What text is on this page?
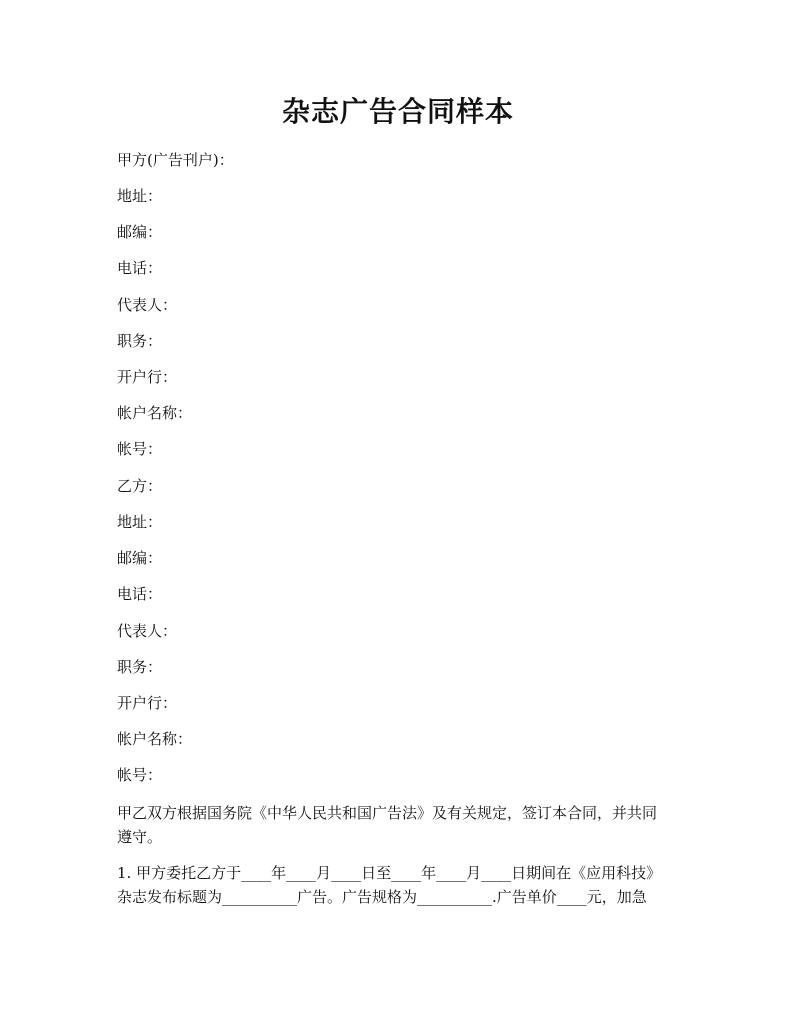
杂志广告合同样本
甲方(广告刊户)：
地址：
邮编：
电话：
代表人：
职务：
开户行：
帐户名称：
帐号：
乙方：
地址：
邮编：
电话：
代表人：
职务：
开户行：
帐户名称：
帐号：
甲乙双方根据国务院《中华人民共和国广告法》及有关规定，签订本合同，并共同
遵守。
1. 甲方委托乙方于____年____月____日至____年____月____日期间在《应用科技》
杂志发布标题为__________广告。广告规格为__________.广告单价____元，加急
